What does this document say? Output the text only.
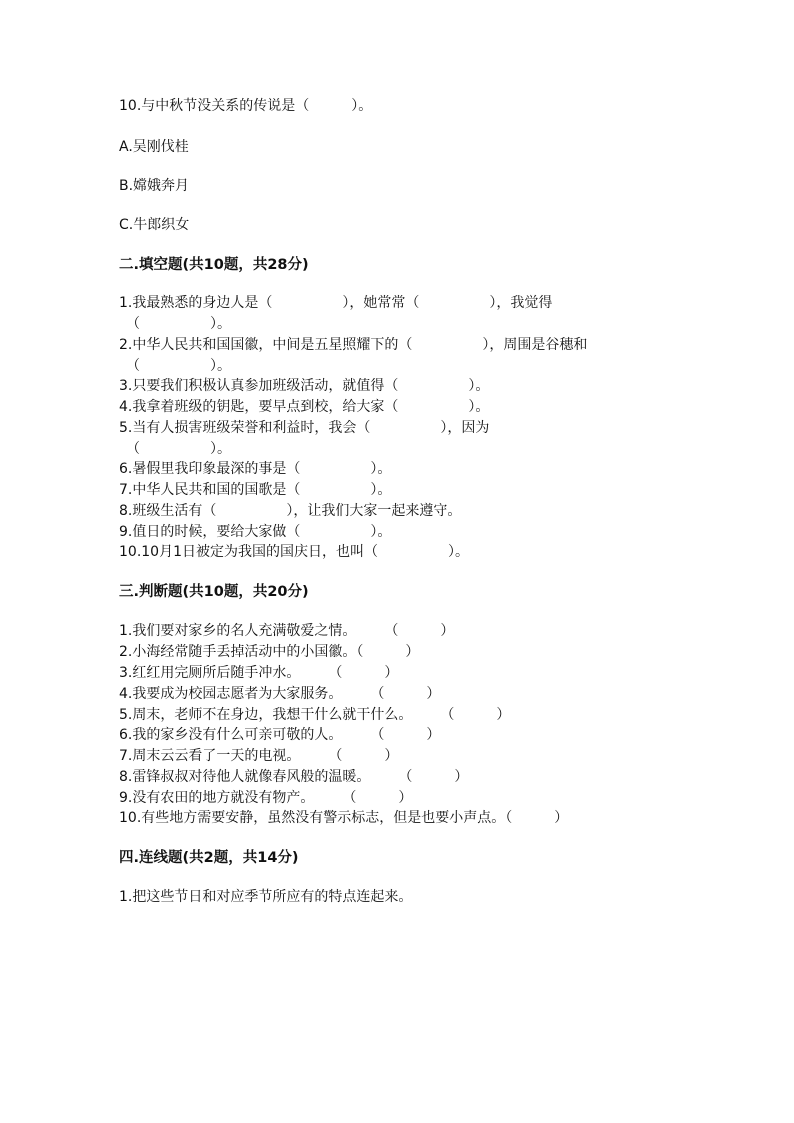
10.与中秋节没关系的传说是（　　　）。
A.吴刚伐桂
B.嫦娥奔月
C.牛郎织女
二.填空题(共10题，共28分)
1.我最熟悉的身边人是（　　　　　），她常常（　　　　　），我觉得
（　　　　　）。
2.中华人民共和国国徽，中间是五星照耀下的（　　　　　），周围是谷穗和
（　　　　　）。
3.只要我们积极认真参加班级活动，就值得（　　　　　）。
4.我拿着班级的钥匙，要早点到校，给大家（　　　　　）。
5.当有人损害班级荣誉和利益时，我会（　　　　　），因为
（　　　　　）。
6.暑假里我印象最深的事是（　　　　　）。
7.中华人民共和国的国歌是（　　　　　）。
8.班级生活有（　　　　　），让我们大家一起来遵守。
9.值日的时候，要给大家做（　　　　　）。
10.10月1日被定为我国的国庆日，也叫（　　　　　）。
三.判断题(共10题，共20分)
1.我们要对家乡的名人充满敬爱之情。　　　（　　　）
2.小海经常随手丢掉活动中的小国徽。（　　　）
3.红红用完厕所后随手冲水。　　　（　　　）
4.我要成为校园志愿者为大家服务。　　　（　　　）
5.周末，老师不在身边，我想干什么就干什么。　　　（　　　）
6.我的家乡没有什么可亲可敬的人。　　　（　　　）
7.周末云云看了一天的电视。　　　（　　　）
8.雷锋叔叔对待他人就像春风般的温暖。　　　（　　　）
9.没有农田的地方就没有物产。　　　（　　　）
10.有些地方需要安静，虽然没有警示标志，但是也要小声点。（　　　）
四.连线题(共2题，共14分)
1.把这些节日和对应季节所应有的特点连起来。
